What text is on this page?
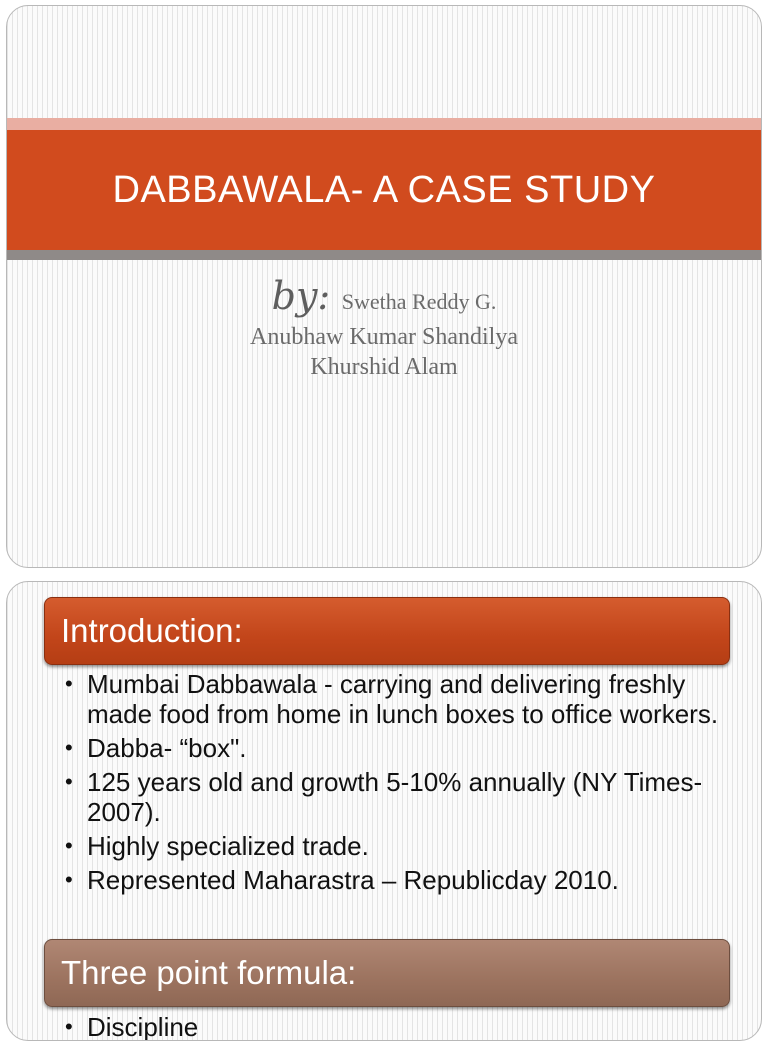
DABBAWALA- A CASE STUDY
by: Swetha Reddy G.
Anubhaw Kumar Shandilya
Khurshid Alam
Introduction:
• Mumbai Dabbawala - carrying and delivering freshly made food from home in lunch boxes to office workers.
• Dabba- “box".
• 125 years old and growth 5-10% annually (NY Times-2007).
• Highly specialized trade.
• Represented Maharastra – Republicday 2010.
Three point formula:
• Discipline
